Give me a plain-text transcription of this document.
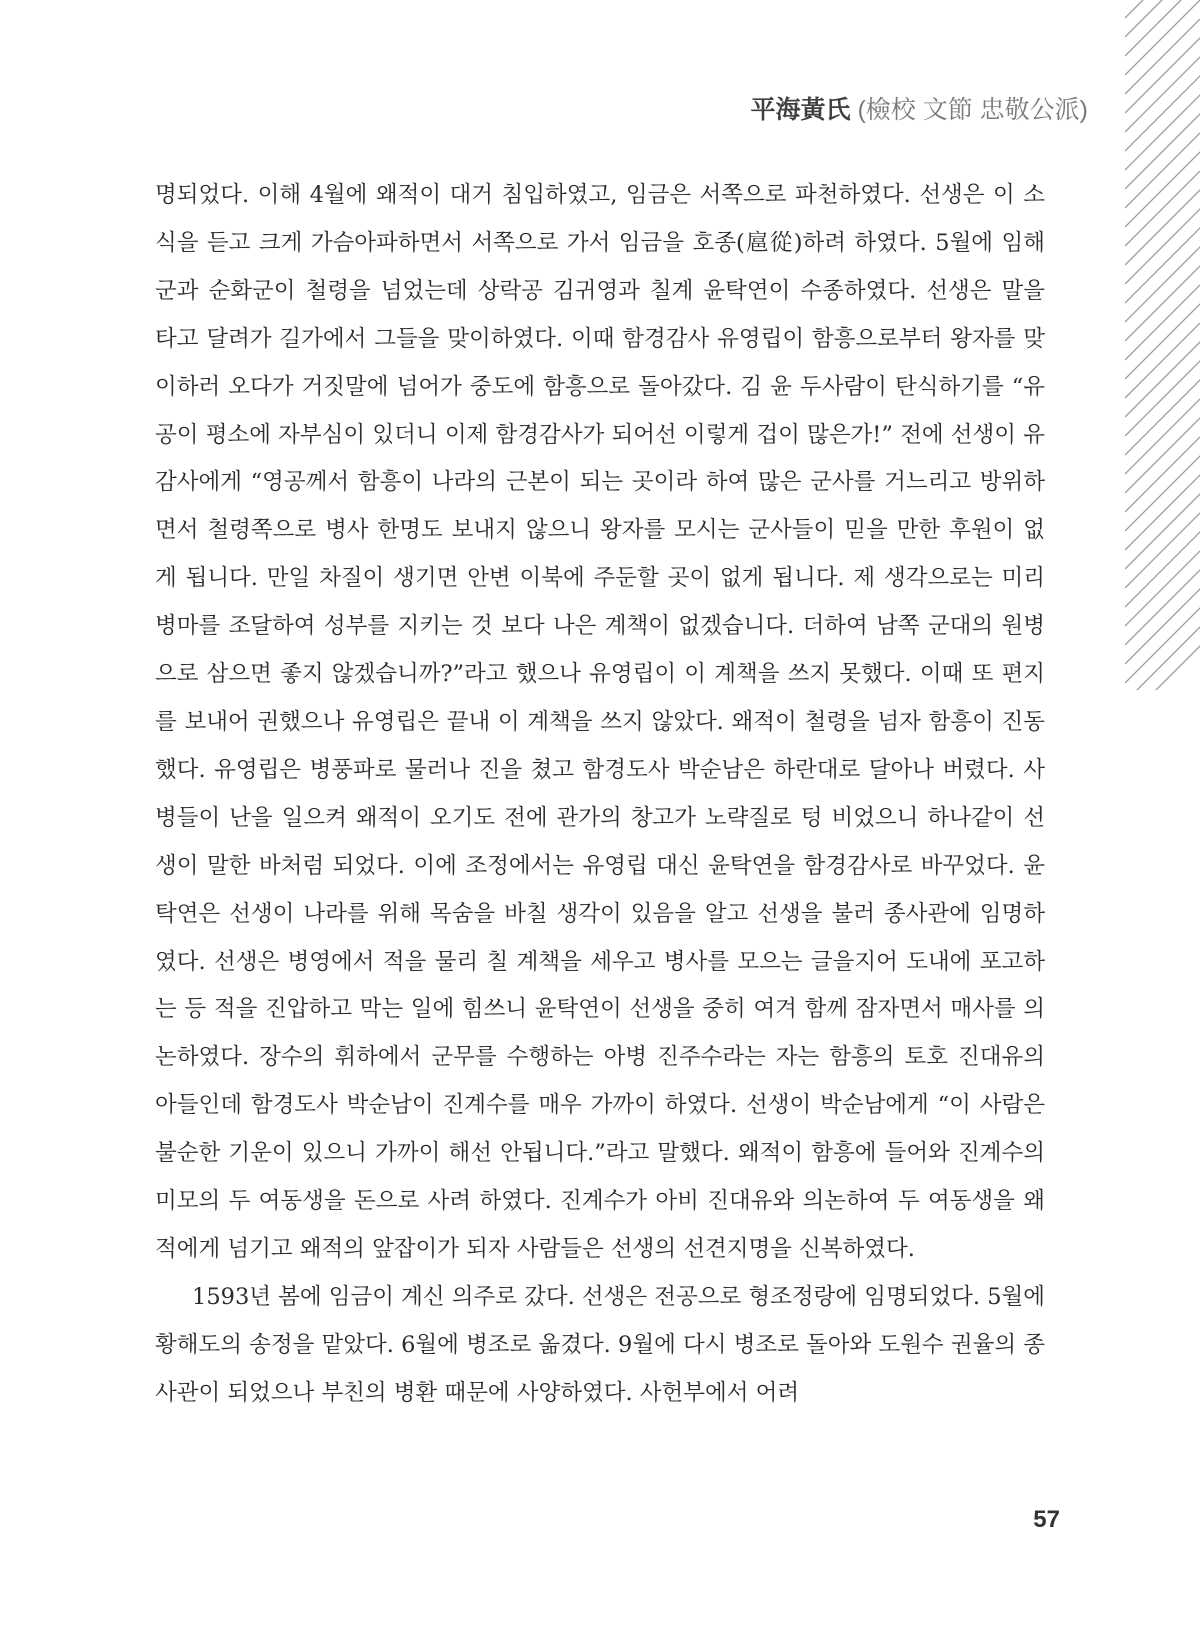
平海黃氏 (檢校 文節 忠敬公派)

명되었다. 이해 4월에 왜적이 대거 침입하였고, 임금은 서쪽으로 파천하였다. 선생은 이 소식을 듣고 크게 가슴아파하면서 서쪽으로 가서 임금을 호종(扈從)하려 하였다. 5월에 임해군과 순화군이 철령을 넘었는데 상락공 김귀영과 칠계 윤탁연이 수종하였다. 선생은 말을 타고 달려가 길가에서 그들을 맞이하였다. 이때 함경감사 유영립이 함흥으로부터 왕자를 맞이하러 오다가 거짓말에 넘어가 중도에 함흥으로 돌아갔다. 김 윤 두사람이 탄식하기를 “유공이 평소에 자부심이 있더니 이제 함경감사가 되어선 이렇게 겁이 많은가!” 전에 선생이 유감사에게 “영공께서 함흥이 나라의 근본이 되는 곳이라 하여 많은 군사를 거느리고 방위하면서 철령쪽으로 병사 한명도 보내지 않으니 왕자를 모시는 군사들이 믿을 만한 후원이 없게 됩니다. 만일 차질이 생기면 안변 이북에 주둔할 곳이 없게 됩니다. 제 생각으로는 미리 병마를 조달하여 성부를 지키는 것 보다 나은 계책이 없겠습니다. 더하여 남쪽 군대의 원병으로 삼으면 좋지 않겠습니까?”라고 했으나 유영립이 이 계책을 쓰지 못했다. 이때 또 편지를 보내어 권했으나 유영립은 끝내 이 계책을 쓰지 않았다. 왜적이 철령을 넘자 함흥이 진동했다. 유영립은 병풍파로 물러나 진을 쳤고 함경도사 박순남은 하란대로 달아나 버렸다. 사병들이 난을 일으켜 왜적이 오기도 전에 관가의 창고가 노략질로 텅 비었으니 하나같이 선생이 말한 바처럼 되었다. 이에 조정에서는 유영립 대신 윤탁연을 함경감사로 바꾸었다. 윤탁연은 선생이 나라를 위해 목숨을 바칠 생각이 있음을 알고 선생을 불러 종사관에 임명하였다. 선생은 병영에서 적을 물리 칠 계책을 세우고 병사를 모으는 글을지어 도내에 포고하는 등 적을 진압하고 막는 일에 힘쓰니 윤탁연이 선생을 중히 여겨 함께 잠자면서 매사를 의논하였다. 장수의 휘하에서 군무를 수행하는 아병 진주수라는 자는 함흥의 토호 진대유의 아들인데 함경도사 박순남이 진계수를 매우 가까이 하였다. 선생이 박순남에게 “이 사람은 불순한 기운이 있으니 가까이 해선 안됩니다.”라고 말했다. 왜적이 함흥에 들어와 진계수의 미모의 두 여동생을 돈으로 사려 하였다. 진계수가 아비 진대유와 의논하여 두 여동생을 왜적에게 넘기고 왜적의 앞잡이가 되자 사람들은 선생의 선견지명을 신복하였다.

1593년 봄에 임금이 계신 의주로 갔다. 선생은 전공으로 형조정랑에 임명되었다. 5월에 황해도의 송정을 맡았다. 6월에 병조로 옮겼다. 9월에 다시 병조로 돌아와 도원수 권율의 종사관이 되었으나 부친의 병환 때문에 사양하였다. 사헌부에서 어려

57
